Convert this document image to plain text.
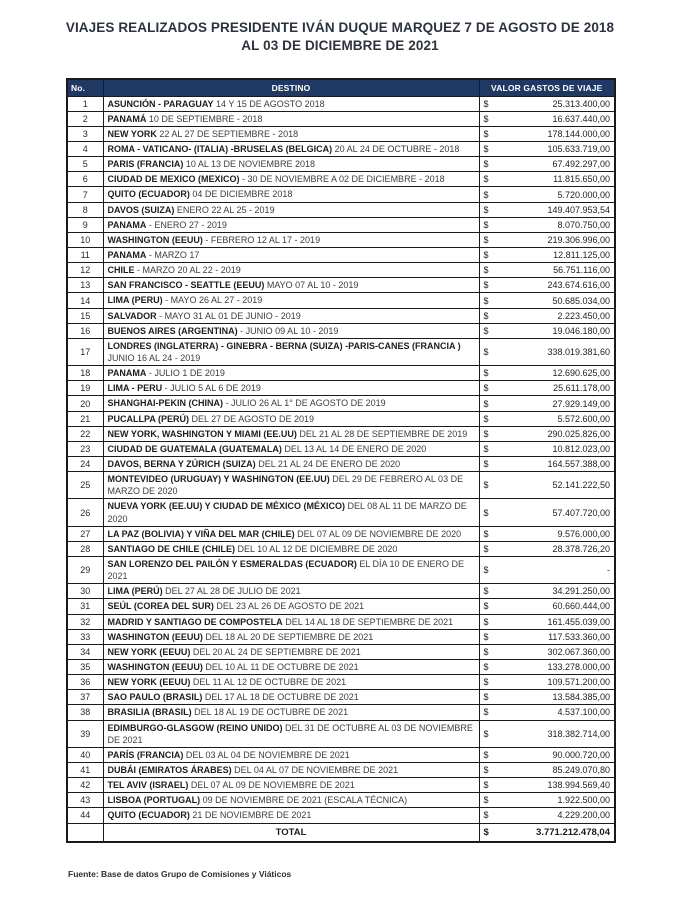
VIAJES REALIZADOS PRESIDENTE IVÁN DUQUE MARQUEZ 7 DE AGOSTO DE 2018
AL 03 DE DICIEMBRE DE 2021
No.	DESTINO	VALOR GASTOS DE VIAJE
1	ASUNCIÓN - PARAGUAY 14 Y 15 DE AGOSTO 2018	$ 25.313.400,00

2	PANAMÁ 10 DE SEPTIEMBRE - 2018	$ 16.637.440,00

3	NEW YORK 22 AL 27 DE SEPTIEMBRE - 2018	$ 178.144.000,00

4	ROMA - VATICANO- (ITALIA) -BRUSELAS (BELGICA) 20 AL 24 DE OCTUBRE - 2018	$ 105.633.719,00

5	PARIS (FRANCIA) 10 AL 13 DE NOVIEMBRE 2018	$ 67.492.297,00

6	CIUDAD DE MEXICO (MEXICO) - 30 DE NOVIEMBRE A 02 DE DICIEMBRE - 2018	$ 11.815.650,00

7	QUITO (ECUADOR) 04 DE DICIEMBRE 2018	$ 5.720.000,00

8	DAVOS (SUIZA) ENERO 22 AL 25 - 2019	$ 149.407.953,54

9	PANAMA - ENERO 27 - 2019	$ 8.070.750,00

10	WASHINGTON (EEUU) - FEBRERO 12 AL 17 - 2019	$ 219.306.996,00

11	PANAMA - MARZO 17	$ 12.811.125,00

12	CHILE - MARZO 20 AL 22 - 2019	$ 56.751.116,00

13	SAN FRANCISCO - SEATTLE (EEUU) MAYO 07 AL 10 - 2019	$ 243.674.616,00

14	LIMA (PERU) - MAYO 26 AL 27 - 2019	$ 50.685.034,00

15	SALVADOR - MAYO 31 AL 01 DE JUNIO - 2019	$ 2.223.450,00

16	BUENOS AIRES (ARGENTINA) - JUNIO 09 AL 10 - 2019	$ 19.046.180,00

17	LONDRES (INGLATERRA) - GINEBRA - BERNA (SUIZA) -PARIS-CANES (FRANCIA ) JUNIO 16 AL 24 - 2019	$ 338.019.381,60

18	PANAMA - JULIO 1 DE 2019	$ 12.690.625,00

19	LIMA - PERU - JULIO 5 AL 6 DE 2019	$ 25.611.178,00

20	SHANGHAI-PEKIN (CHINA) - JULIO 26 AL 1° DE AGOSTO DE 2019	$ 27.929.149,00

21	PUCALLPA (PERÚ) DEL 27 DE AGOSTO DE 2019	$ 5.572.600,00

22	NEW YORK, WASHINGTON Y MIAMI (EE.UU) DEL 21 AL 28 DE SEPTIEMBRE DE 2019	$ 290.025.826,00

23	CIUDAD DE GUATEMALA (GUATEMALA) DEL 13 AL 14 DE ENERO DE 2020	$ 10.812.023,00

24	DAVOS, BERNA Y ZÚRICH (SUIZA) DEL 21 AL 24 DE ENERO DE 2020	$ 164.557.388,00

25	MONTEVIDEO (URUGUAY) Y WASHINGTON (EE.UU) DEL 29 DE FEBRERO AL 03 DE MARZO DE 2020	$ 52.141.222,50

26	NUEVA YORK (EE.UU) Y CIUDAD DE MÉXICO (MÉXICO) DEL 08 AL 11 DE MARZO DE 2020	$ 57.407.720,00

27	LA PAZ (BOLIVIA) Y VIÑA DEL MAR (CHILE) DEL 07 AL 09 DE NOVIEMBRE DE 2020	$ 9.576.000,00

28	SANTIAGO DE CHILE (CHILE) DEL 10 AL 12 DE DICIEMBRE DE 2020	$ 28.378.726,20

29	SAN LORENZO DEL PAILÓN Y ESMERALDAS (ECUADOR) EL DÍA 10 DE ENERO DE 2021	$ -

30	LIMA (PERÚ) DEL 27 AL 28 DE JULIO DE 2021	$ 34.291.250,00

31	SEÚL (COREA DEL SUR) DEL 23 AL 26 DE AGOSTO DE 2021	$ 60.660.444,00

32	MADRID Y SANTIAGO DE COMPOSTELA DEL 14 AL 18 DE SEPTIEMBRE DE 2021	$ 161.455.039,00

33	WASHINGTON (EEUU) DEL 18 AL 20 DE SEPTIEMBRE DE 2021	$ 117.533.360,00

34	NEW YORK (EEUU) DEL 20 AL 24 DE SEPTIEMBRE DE 2021	$ 302.067.360,00

35	WASHINGTON (EEUU) DEL 10 AL 11 DE OCTUBRE DE 2021	$ 133.278.000,00

36	NEW YORK (EEUU) DEL 11 AL 12 DE OCTUBRE DE 2021	$ 109.571.200,00

37	SAO PAULO (BRASIL) DEL 17 AL 18 DE OCTUBRE DE 2021	$ 13.584.385,00

38	BRASILIA (BRASIL) DEL 18 AL 19 DE OCTUBRE DE 2021	$ 4.537.100,00

39	EDIMBURGO-GLASGOW (REINO UNIDO) DEL 31 DE OCTUBRE AL 03 DE NOVIEMBRE DE 2021	$ 318.382.714,00

40	PARÍS (FRANCIA) DEL 03 AL 04 DE NOVIEMBRE DE 2021	$ 90.000.720,00

41	DUBÁI (EMIRATOS ÁRABES) DEL 04 AL 07 DE NOVIEMBRE DE 2021	$ 85.249.070,80

42	TEL AVIV (ISRAEL) DEL 07 AL 09 DE NOVIEMBRE DE 2021	$ 138.994.569,40

43	LISBOA (PORTUGAL) 09 DE NOVIEMBRE DE 2021 (ESCALA TÉCNICA)	$ 1.922.500,00

44	QUITO (ECUADOR) 21 DE NOVIEMBRE DE 2021	$ 4.229.200,00

	TOTAL	$ 3.771.212.478,04
Fuente: Base de datos Grupo de Comisiones y Viáticos
